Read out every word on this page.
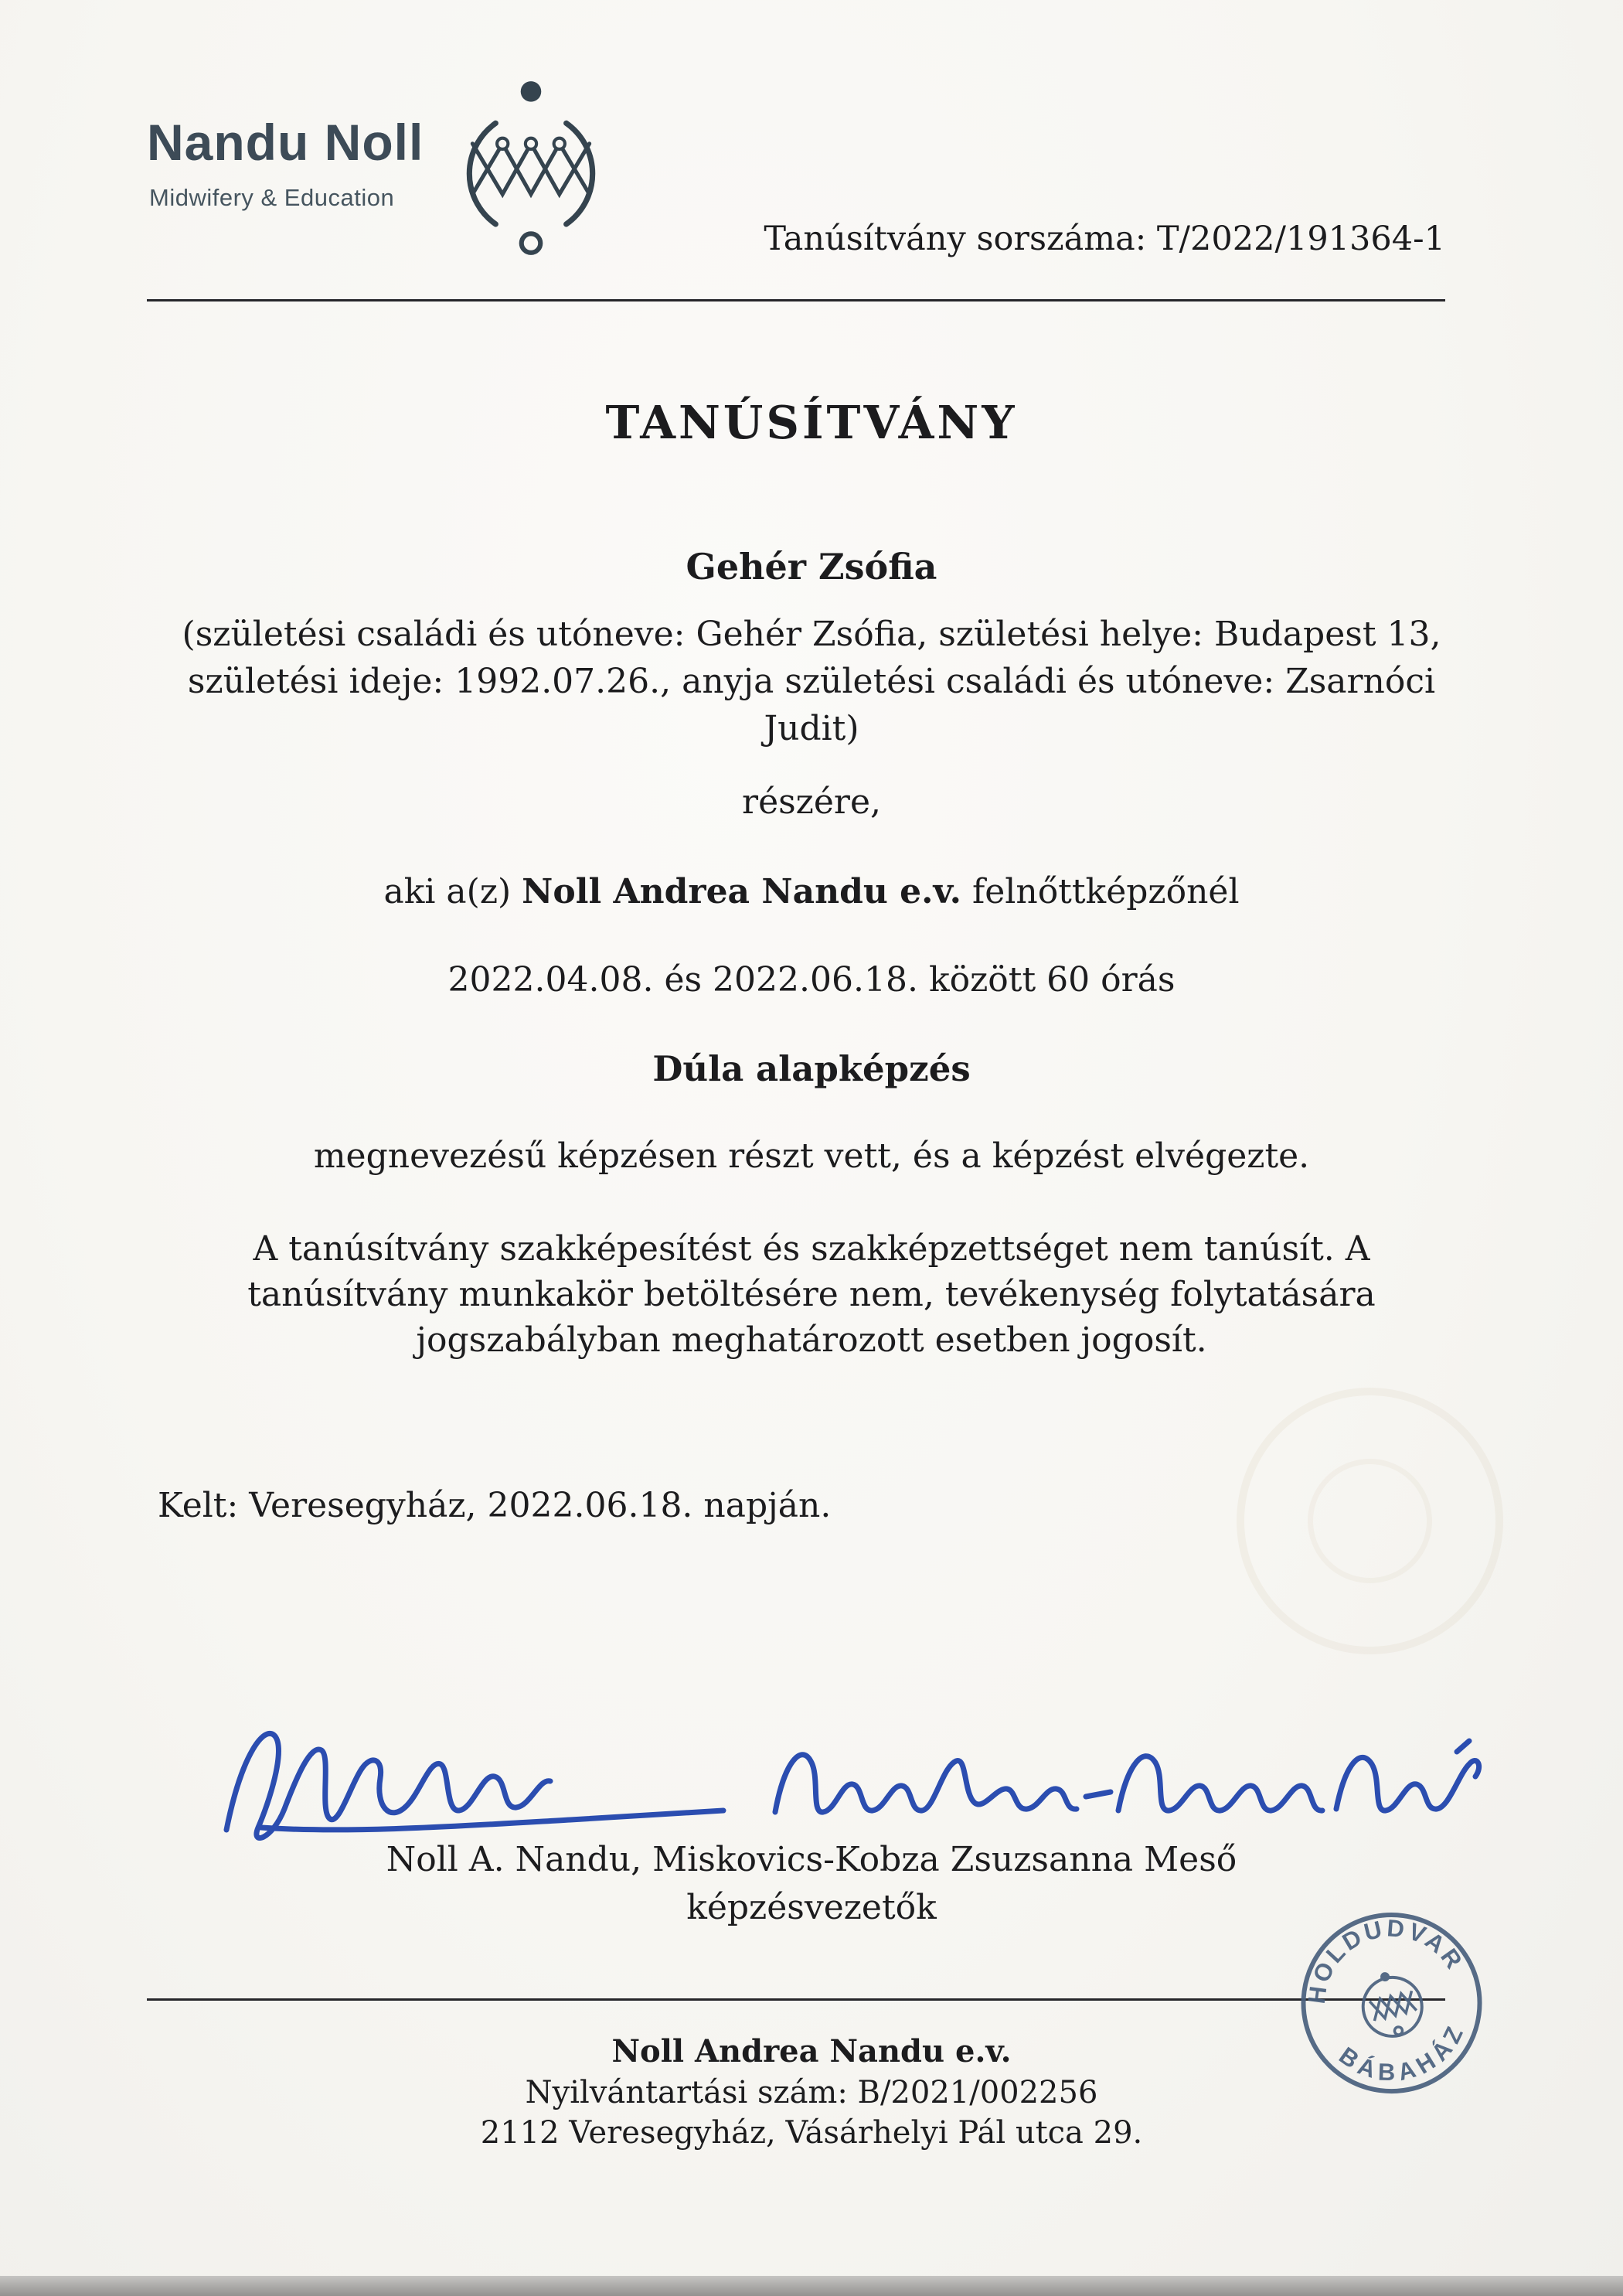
Nandu Noll
Midwifery & Education
Tanúsítvány sorszáma: T/2022/191364-1
TANÚSÍTVÁNY

Gehér Zsófia

(születési családi és utóneve: Gehér Zsófia, születési helye: Budapest 13, születési ideje: 1992.07.26., anyja születési családi és utóneve: Zsarnóci Judit)

részére,

aki a(z) Noll Andrea Nandu e.v. felnőttképzőnél

2022.04.08. és 2022.06.18. között 60 órás

Dúla alapképzés

megnevezésű képzésen részt vett, és a képzést elvégezte.

A tanúsítvány szakképesítést és szakképzettséget nem tanúsít. A tanúsítvány munkakör betöltésére nem, tevékenység folytatására jogszabályban meghatározott esetben jogosít.

Kelt: Veresegyház, 2022.06.18. napján.

Noll A. Nandu, Miskovics-Kobza Zsuzsanna Meső

képzésvezetők

Noll Andrea Nandu e.v.

Nyilvántartási szám: B/2021/002256

2112 Veresegyház, Vásárhelyi Pál utca 29.

HOLDUDVAR
BÁBAHÁZ
